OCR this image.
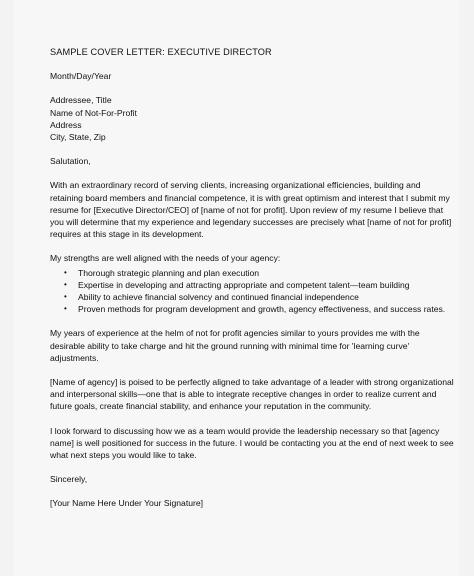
SAMPLE COVER LETTER: EXECUTIVE DIRECTOR
Month/Day/Year
Addressee, Title
Name of Not-For-Profit
Address
City, State, Zip
Salutation,
With an extraordinary record of serving clients, increasing organizational efficiencies, building and
retaining board members and financial competence, it is with great optimism and interest that I submit my
resume for [Executive Director/CEO] of [name of not for profit]. Upon review of my resume I believe that
you will determine that my experience and legendary successes are precisely what [name of not for profit]
requires at this stage in its development.
My strengths are well aligned with the needs of your agency:
• Thorough strategic planning and plan execution
• Expertise in developing and attracting appropriate and competent talent—team building
• Ability to achieve financial solvency and continued financial independence
• Proven methods for program development and growth, agency effectiveness, and success rates.
My years of experience at the helm of not for profit agencies similar to yours provides me with the
desirable ability to take charge and hit the ground running with minimal time for 'learning curve'
adjustments.
[Name of agency] is poised to be perfectly aligned to take advantage of a leader with strong organizational
and interpersonal skills—one that is able to integrate receptive changes in order to realize current and
future goals, create financial stability, and enhance your reputation in the community.
I look forward to discussing how we as a team would provide the leadership necessary so that [agency
name] is well positioned for success in the future. I would be contacting you at the end of next week to see
what next steps you would like to take.
Sincerely,
[Your Name Here Under Your Signature]
